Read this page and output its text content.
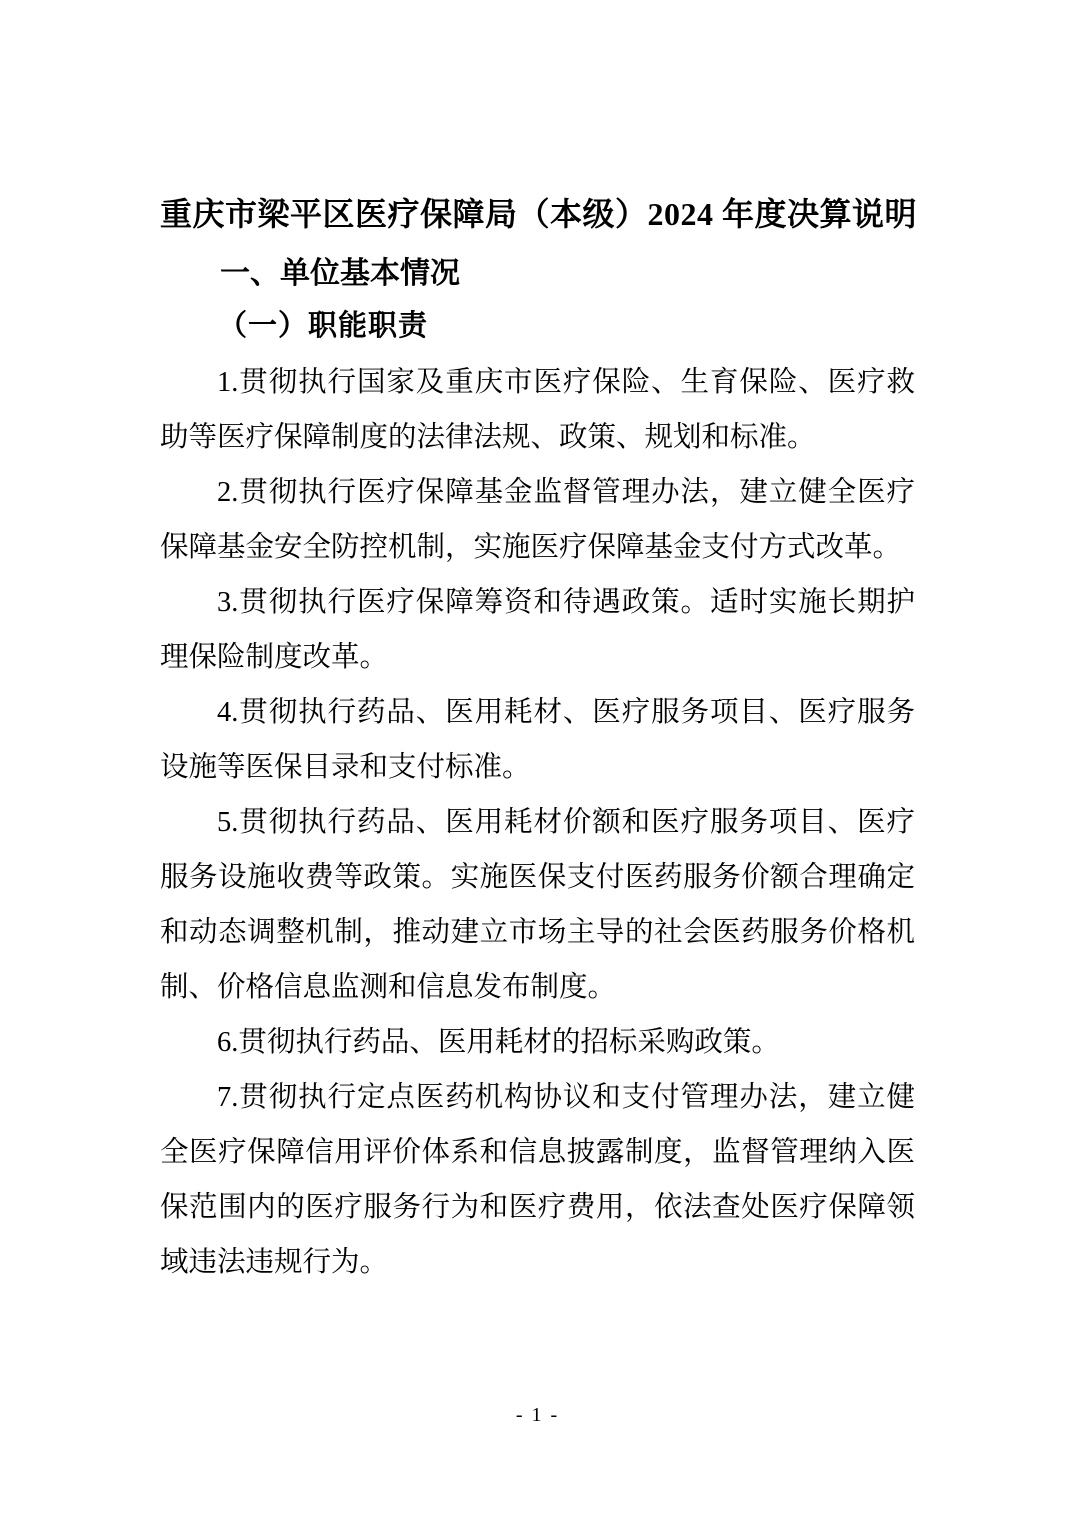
重庆市梁平区医疗保障局（本级）2024 年度决算说明
一、单位基本情况
（一）职能职责
1.贯彻执行国家及重庆市医疗保险、生育保险、医疗救
助等医疗保障制度的法律法规、政策、规划和标准。
2.贯彻执行医疗保障基金监督管理办法，建立健全医疗
保障基金安全防控机制，实施医疗保障基金支付方式改革。
3.贯彻执行医疗保障筹资和待遇政策。适时实施长期护
理保险制度改革。
4.贯彻执行药品、医用耗材、医疗服务项目、医疗服务
设施等医保目录和支付标准。
5.贯彻执行药品、医用耗材价额和医疗服务项目、医疗
服务设施收费等政策。实施医保支付医药服务价额合理确定
和动态调整机制，推动建立市场主导的社会医药服务价格机
制、价格信息监测和信息发布制度。
6.贯彻执行药品、医用耗材的招标采购政策。
7.贯彻执行定点医药机构协议和支付管理办法，建立健
全医疗保障信用评价体系和信息披露制度，监督管理纳入医
保范围内的医疗服务行为和医疗费用，依法查处医疗保障领
域违法违规行为。
- 1 -
